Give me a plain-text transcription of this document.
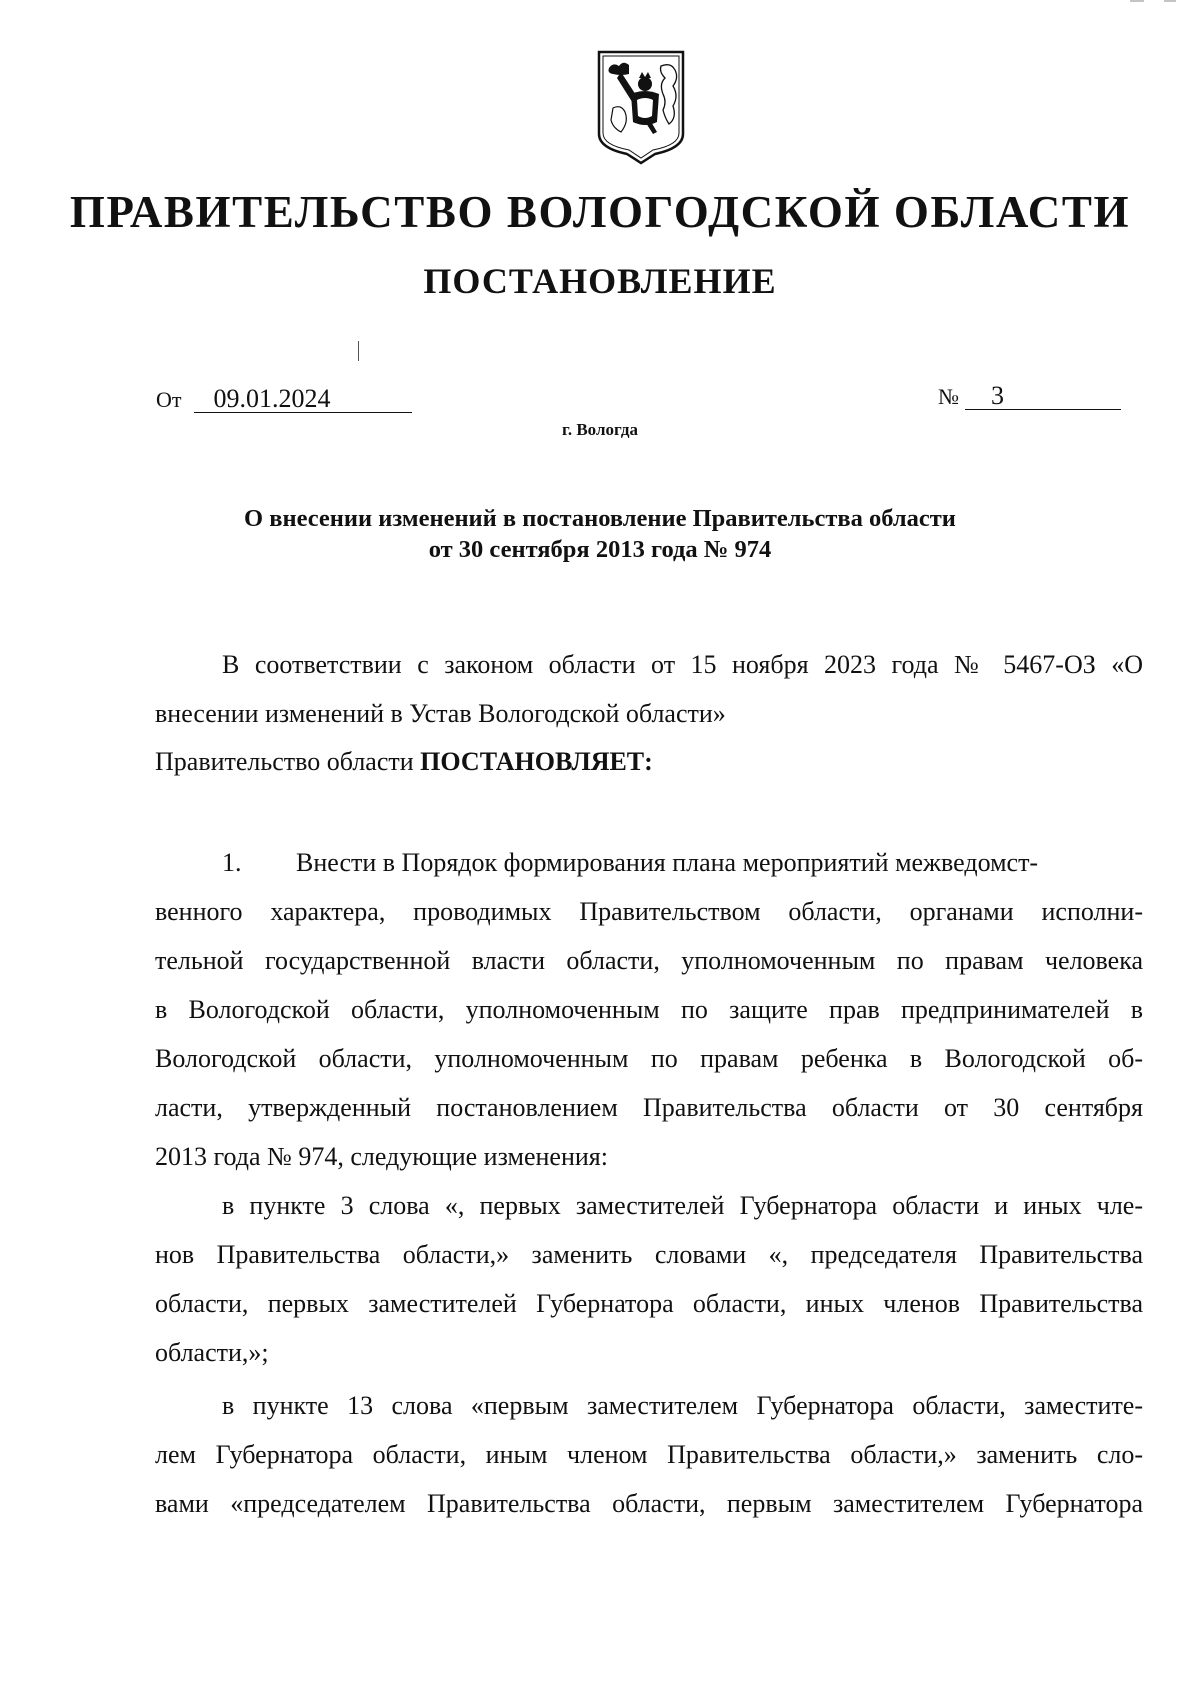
ПРАВИТЕЛЬСТВО ВОЛОГОДСКОЙ ОБЛАСТИ
ПОСТАНОВЛЕНИЕ
От 09.01.2024	№ 3
г. Вологда
О внесении изменений в постановление Правительства области
от 30 сентября 2013 года № 974
В соответствии с законом области от 15 ноября 2023 года № 5467-ОЗ «О
внесении изменений в Устав Вологодской области»
Правительство области ПОСТАНОВЛЯЕТ:
1. Внести в Порядок формирования плана мероприятий межведомст-
венного характера, проводимых Правительством области, органами исполни-
тельной государственной власти области, уполномоченным по правам человека
в Вологодской области, уполномоченным по защите прав предпринимателей в
Вологодской области, уполномоченным по правам ребенка в Вологодской об-
ласти, утвержденный постановлением Правительства области от 30 сентября
2013 года № 974, следующие изменения:
в пункте 3 слова «, первых заместителей Губернатора области и иных чле-
нов Правительства области,» заменить словами «, председателя Правительства
области, первых заместителей Губернатора области, иных членов Правительства
области,»;
в пункте 13 слова «первым заместителем Губернатора области, заместите-
лем Губернатора области, иным членом Правительства области,» заменить сло-
вами «председателем Правительства области, первым заместителем Губернатора
